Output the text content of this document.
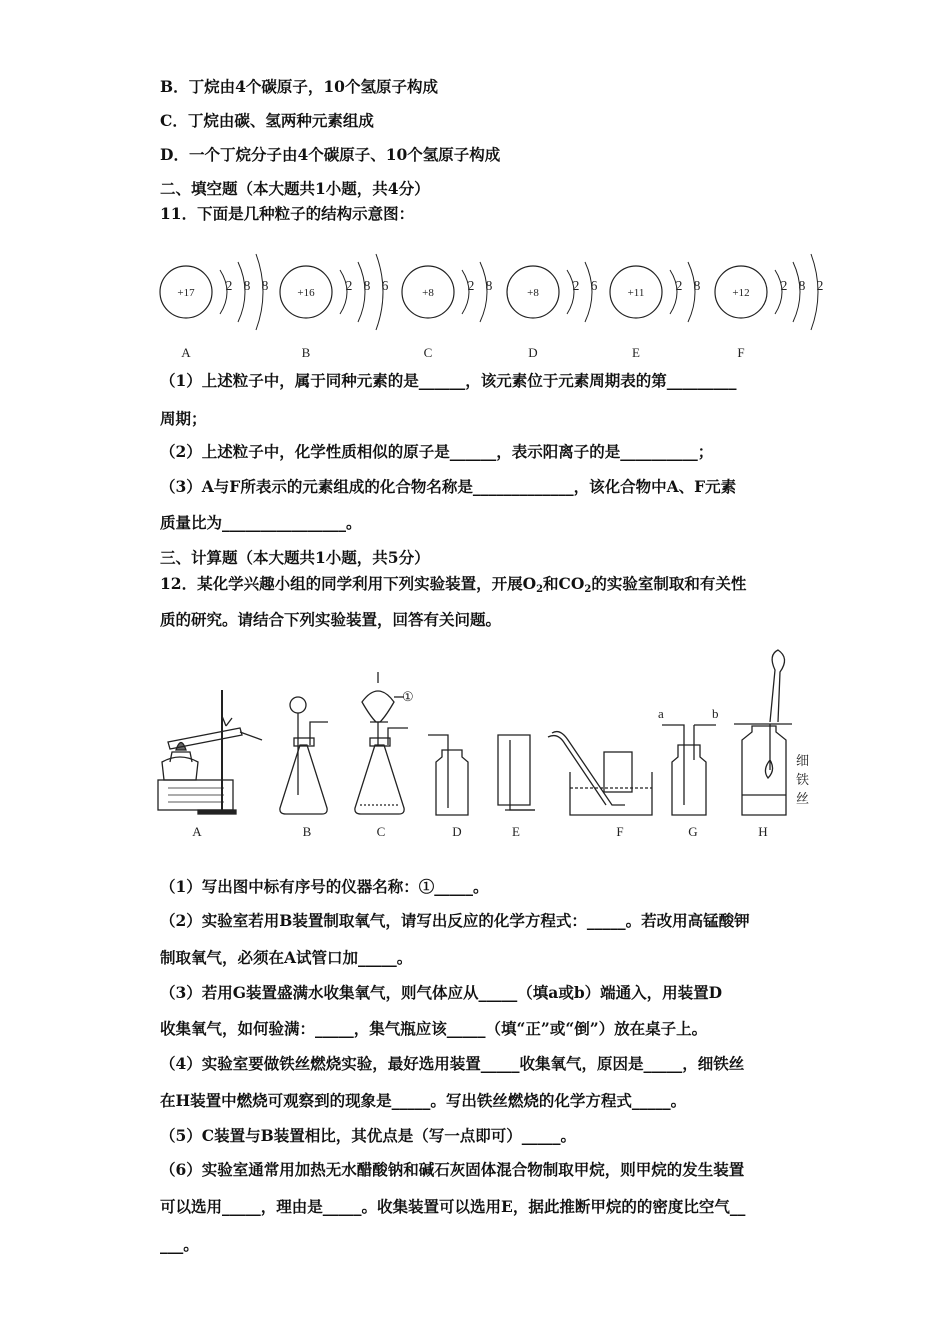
B．丁烷由4个碳原子，10个氢原子构成
C．丁烷由碳、氢两种元素组成
D．一个丁烷分子由4个碳原子、10个氢原子构成
二、填空题（本大题共1小题，共4分）
11．下面是几种粒子的结构示意图：
+17 2 8 8
A
+16 2 8 6
B
+8	2 8
C
+8	2 6
D
+11 2 8
E
+12 2 8 2
F
（1）上述粒子中，属于同种元素的是______，该元素位于元素周期表的第_________
周期；
（2）上述粒子中，化学性质相似的原子是______，表示阳离子的是__________；
（3）A与F所表示的元素组成的化合物名称是_____________，该化合物中A、F元素
质量比为________________。
三、计算题（本大题共1小题，共5分）
12．某化学兴趣小组的同学利用下列实验装置，开展$O_2$和$CO_2$的实验室制取和有关性
质的研究。请结合下列实验装置，回答有关问题。
A	B	C	D	E	F	G	H
①
a	b
细
铁
丝
（1）写出图中标有序号的仪器名称：①_____。
（2）实验室若用B装置制取氧气，请写出反应的化学方程式：_____。若改用高锰酸钾
制取氧气，必须在A试管口加_____。
（3）若用G装置盛满水收集氧气，则气体应从_____（填a或b）端通入，用装置D
收集氧气，如何验满：_____，集气瓶应该_____（填“正”或“倒”）放在桌子上。
（4）实验室要做铁丝燃烧实验，最好选用装置_____收集氧气，原因是_____，细铁丝
在H装置中燃烧可观察到的现象是_____。写出铁丝燃烧的化学方程式_____。
（5）C装置与B装置相比，其优点是（写一点即可）_____。
（6）实验室通常用加热无水醋酸钠和碱石灰固体混合物制取甲烷，则甲烷的发生装置
可以选用_____，理由是_____。收集装置可以选用E，据此推断甲烷的的密度比空气__
___。
